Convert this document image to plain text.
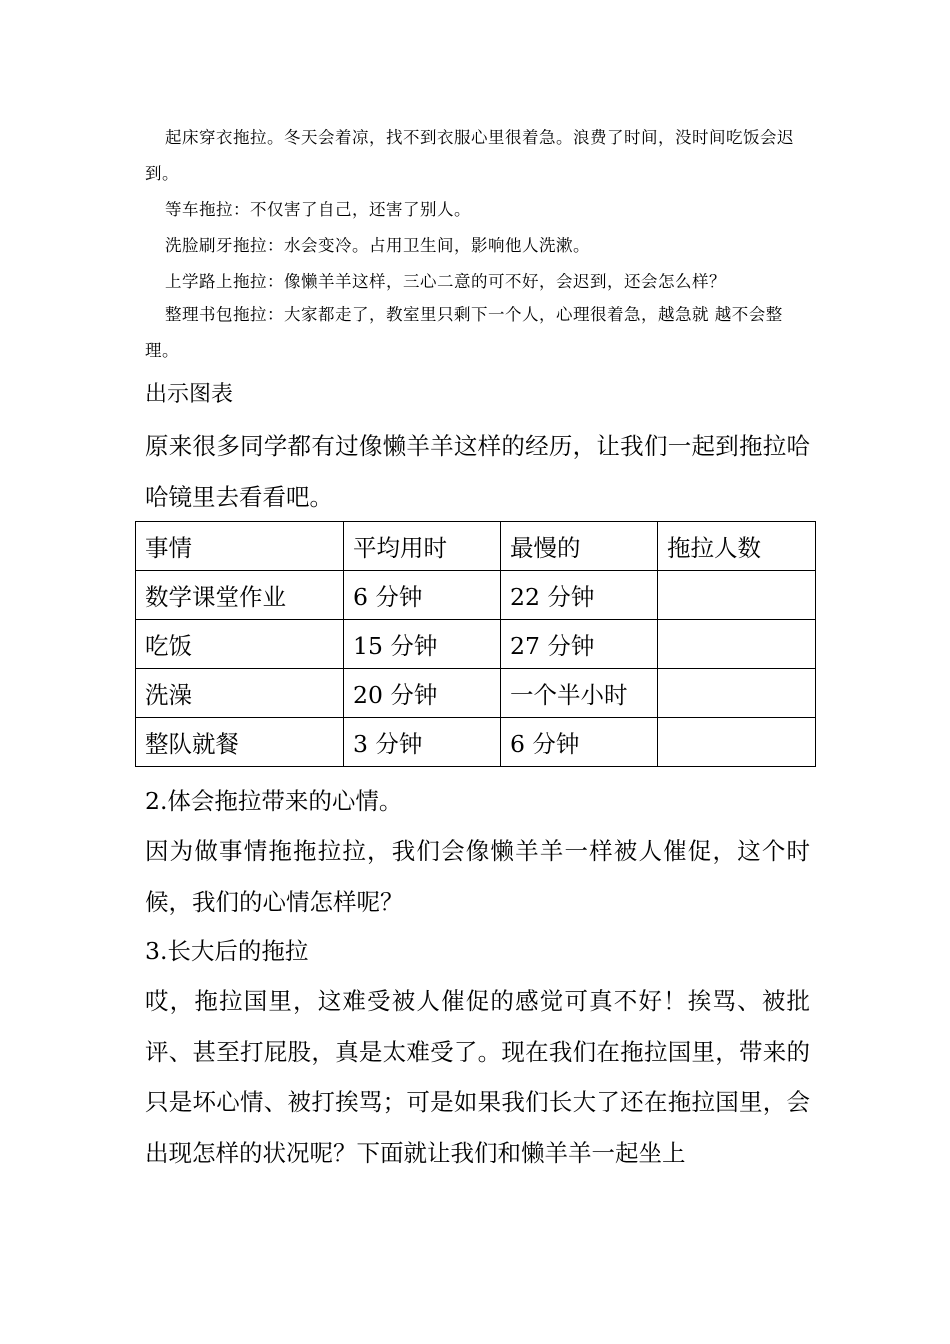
起床穿衣拖拉。冬天会着凉，找不到衣服心里很着急。浪费了时间，没时间吃饭会迟到。
等车拖拉：不仅害了自己，还害了别人。
洗脸刷牙拖拉：水会变冷。占用卫生间，影响他人洗漱。
上学路上拖拉：像懒羊羊这样，三心二意的可不好，会迟到，还会怎么样？
整理书包拖拉：大家都走了，教室里只剩下一个人，心理很着急，越急就 越不会整理。
出示图表
原来很多同学都有过像懒羊羊这样的经历，让我们一起到拖拉哈哈镜里去看看吧。
事情	平均用时	最慢的	拖拉人数
数学课堂作业	6 分钟	22 分钟	
吃饭	15 分钟	27 分钟	
洗澡	20 分钟	一个半小时	
整队就餐	3 分钟	6 分钟	
2.体会拖拉带来的心情。
因为做事情拖拖拉拉，我们会像懒羊羊一样被人催促，这个时候，我们的心情怎样呢？
3.长大后的拖拉
哎，拖拉国里，这难受被人催促的感觉可真不好！挨骂、被批评、甚至打屁股，真是太难受了。现在我们在拖拉国里，带来的只是坏心情、被打挨骂；可是如果我们长大了还在拖拉国里，会出现怎样的状况呢？下面就让我们和懒羊羊一起坐上
